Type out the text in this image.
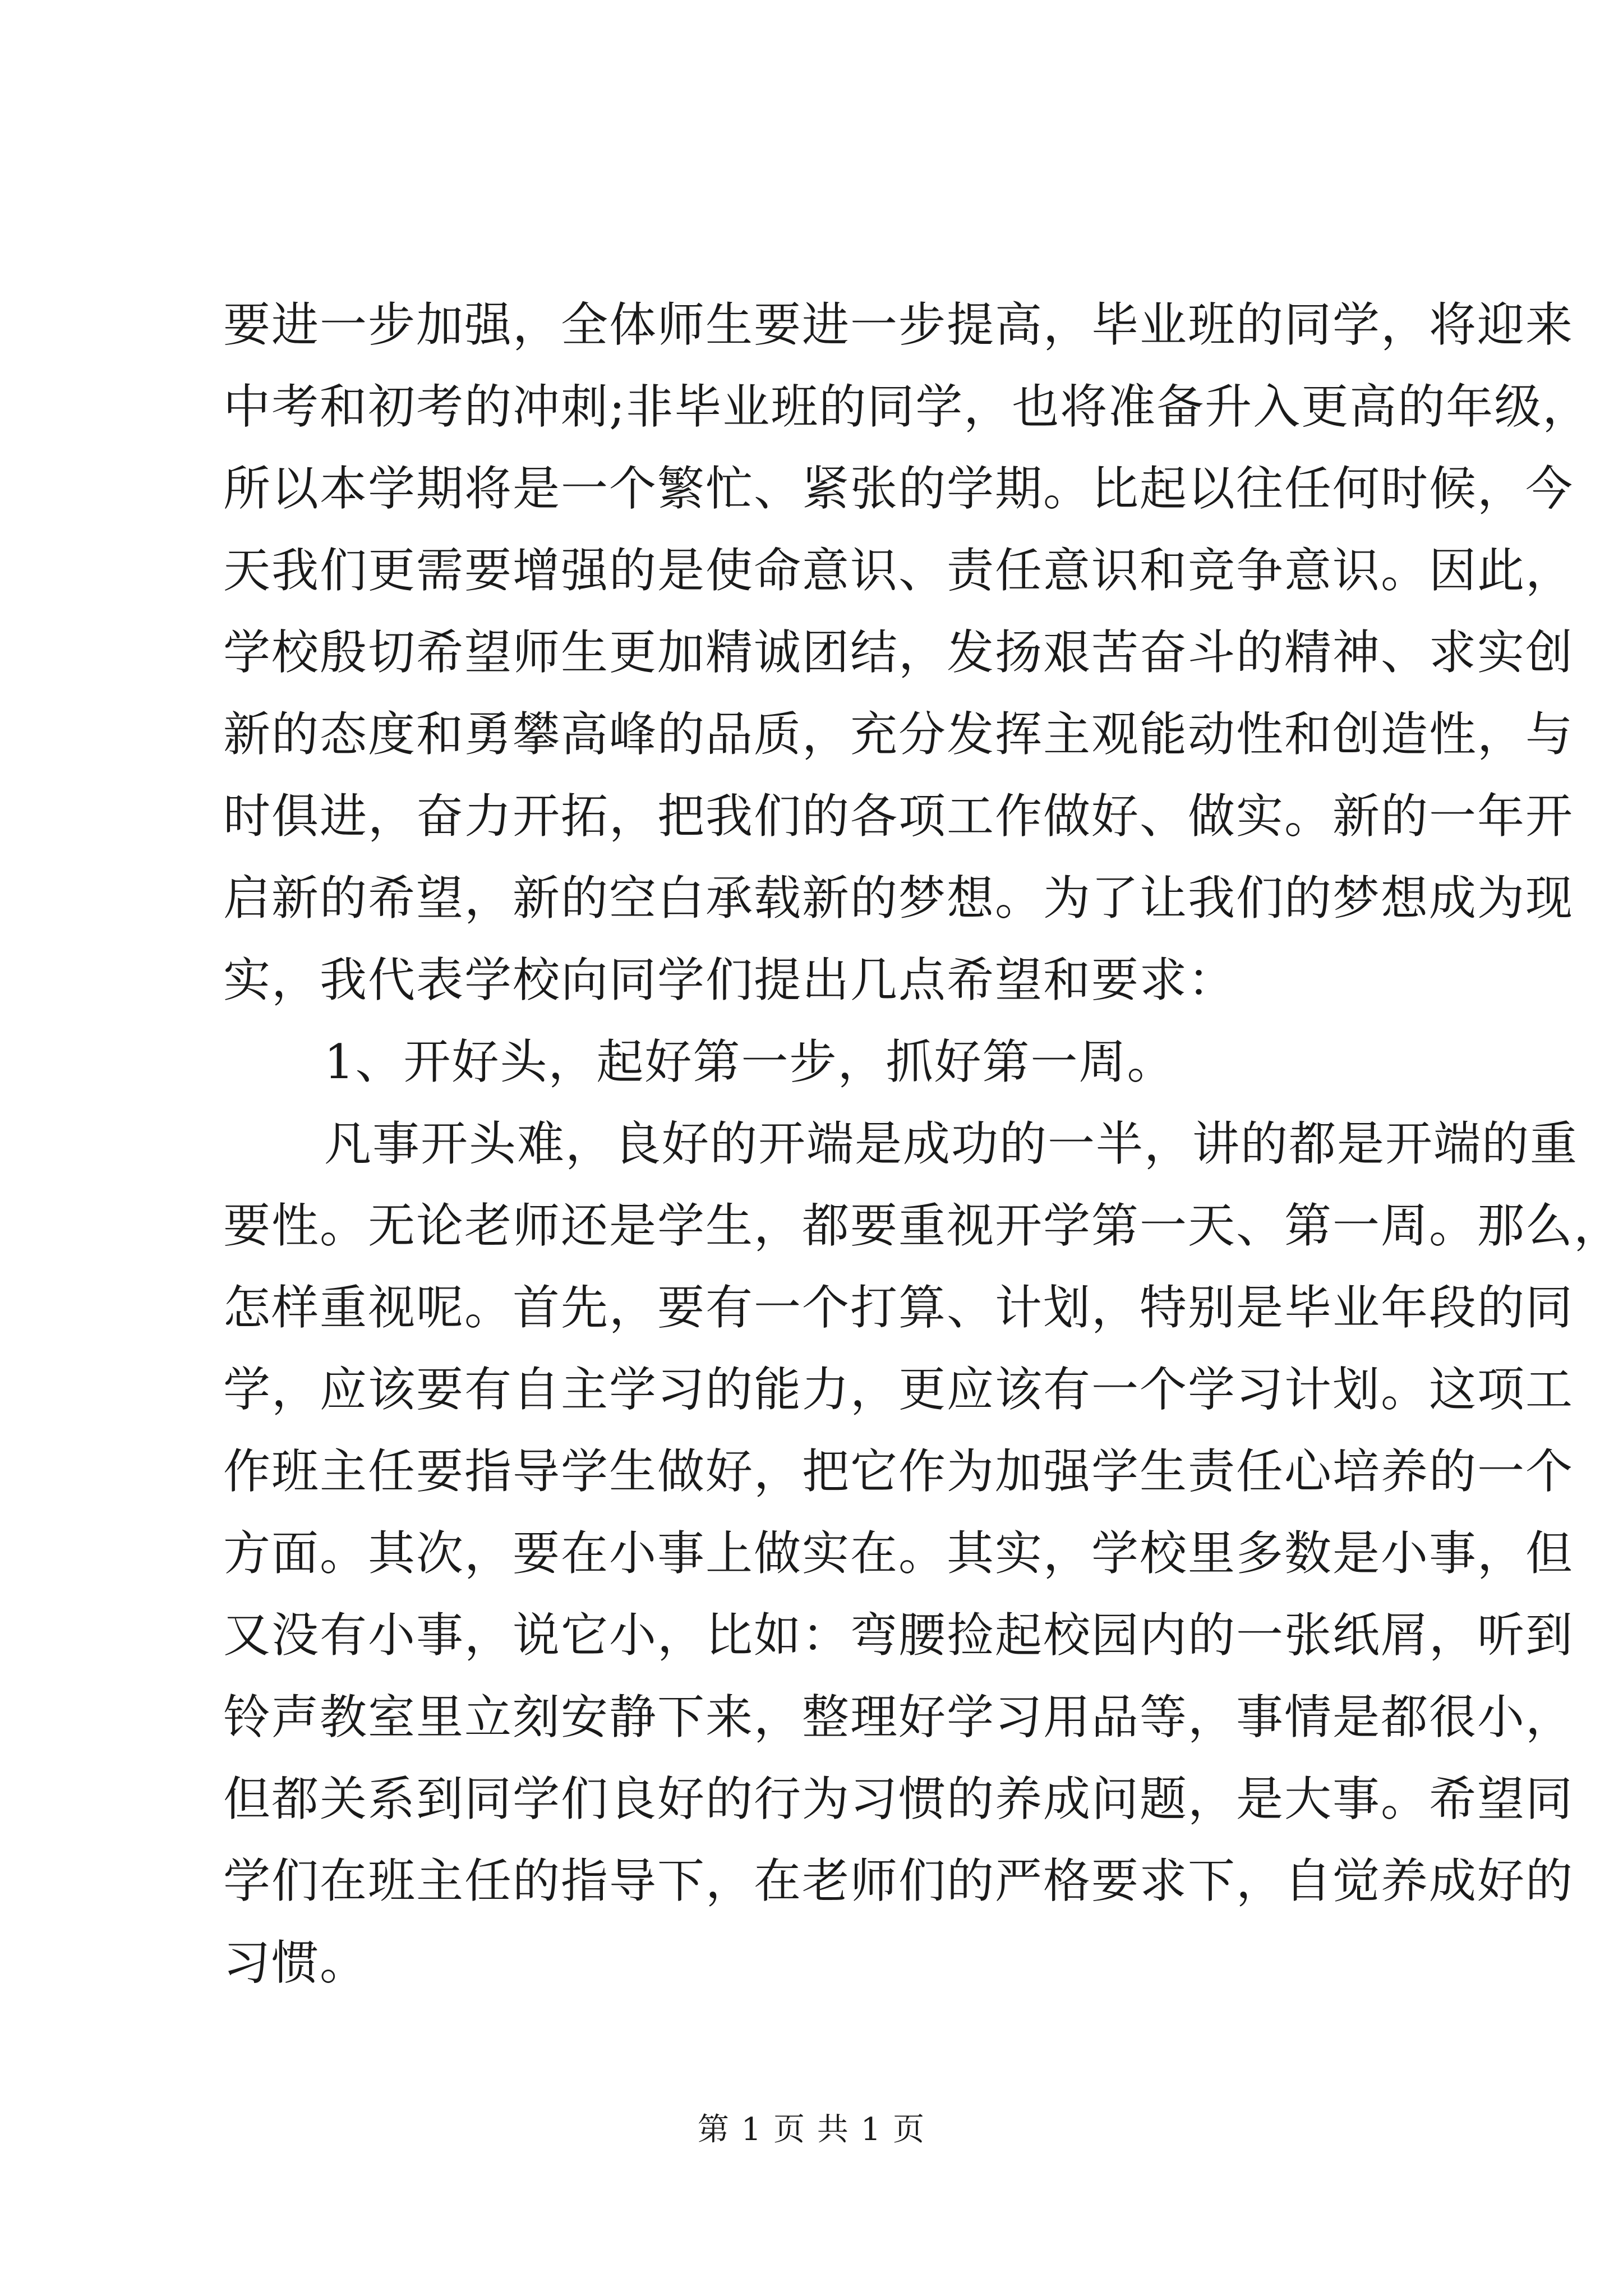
要进一步加强，全体师生要进一步提高，毕业班的同学，将迎来
中考和初考的冲刺;非毕业班的同学，也将准备升入更高的年级，
所以本学期将是一个繁忙、紧张的学期。比起以往任何时候，今
天我们更需要增强的是使命意识、责任意识和竞争意识。因此，
学校殷切希望师生更加精诚团结，发扬艰苦奋斗的精神、求实创
新的态度和勇攀高峰的品质，充分发挥主观能动性和创造性，与
时俱进，奋力开拓，把我们的各项工作做好、做实。新的一年开
启新的希望，新的空白承载新的梦想。为了让我们的梦想成为现
实，我代表学校向同学们提出几点希望和要求：
1、开好头，起好第一步，抓好第一周。
凡事开头难，良好的开端是成功的一半，讲的都是开端的重
要性。无论老师还是学生，都要重视开学第一天、第一周。那么，
怎样重视呢。首先，要有一个打算、计划，特别是毕业年段的同
学，应该要有自主学习的能力，更应该有一个学习计划。这项工
作班主任要指导学生做好，把它作为加强学生责任心培养的一个
方面。其次，要在小事上做实在。其实，学校里多数是小事，但
又没有小事，说它小，比如：弯腰捡起校园内的一张纸屑，听到
铃声教室里立刻安静下来，整理好学习用品等，事情是都很小，
但都关系到同学们良好的行为习惯的养成问题，是大事。希望同
学们在班主任的指导下，在老师们的严格要求下，自觉养成好的
习惯。
第 1 页 共 1 页
